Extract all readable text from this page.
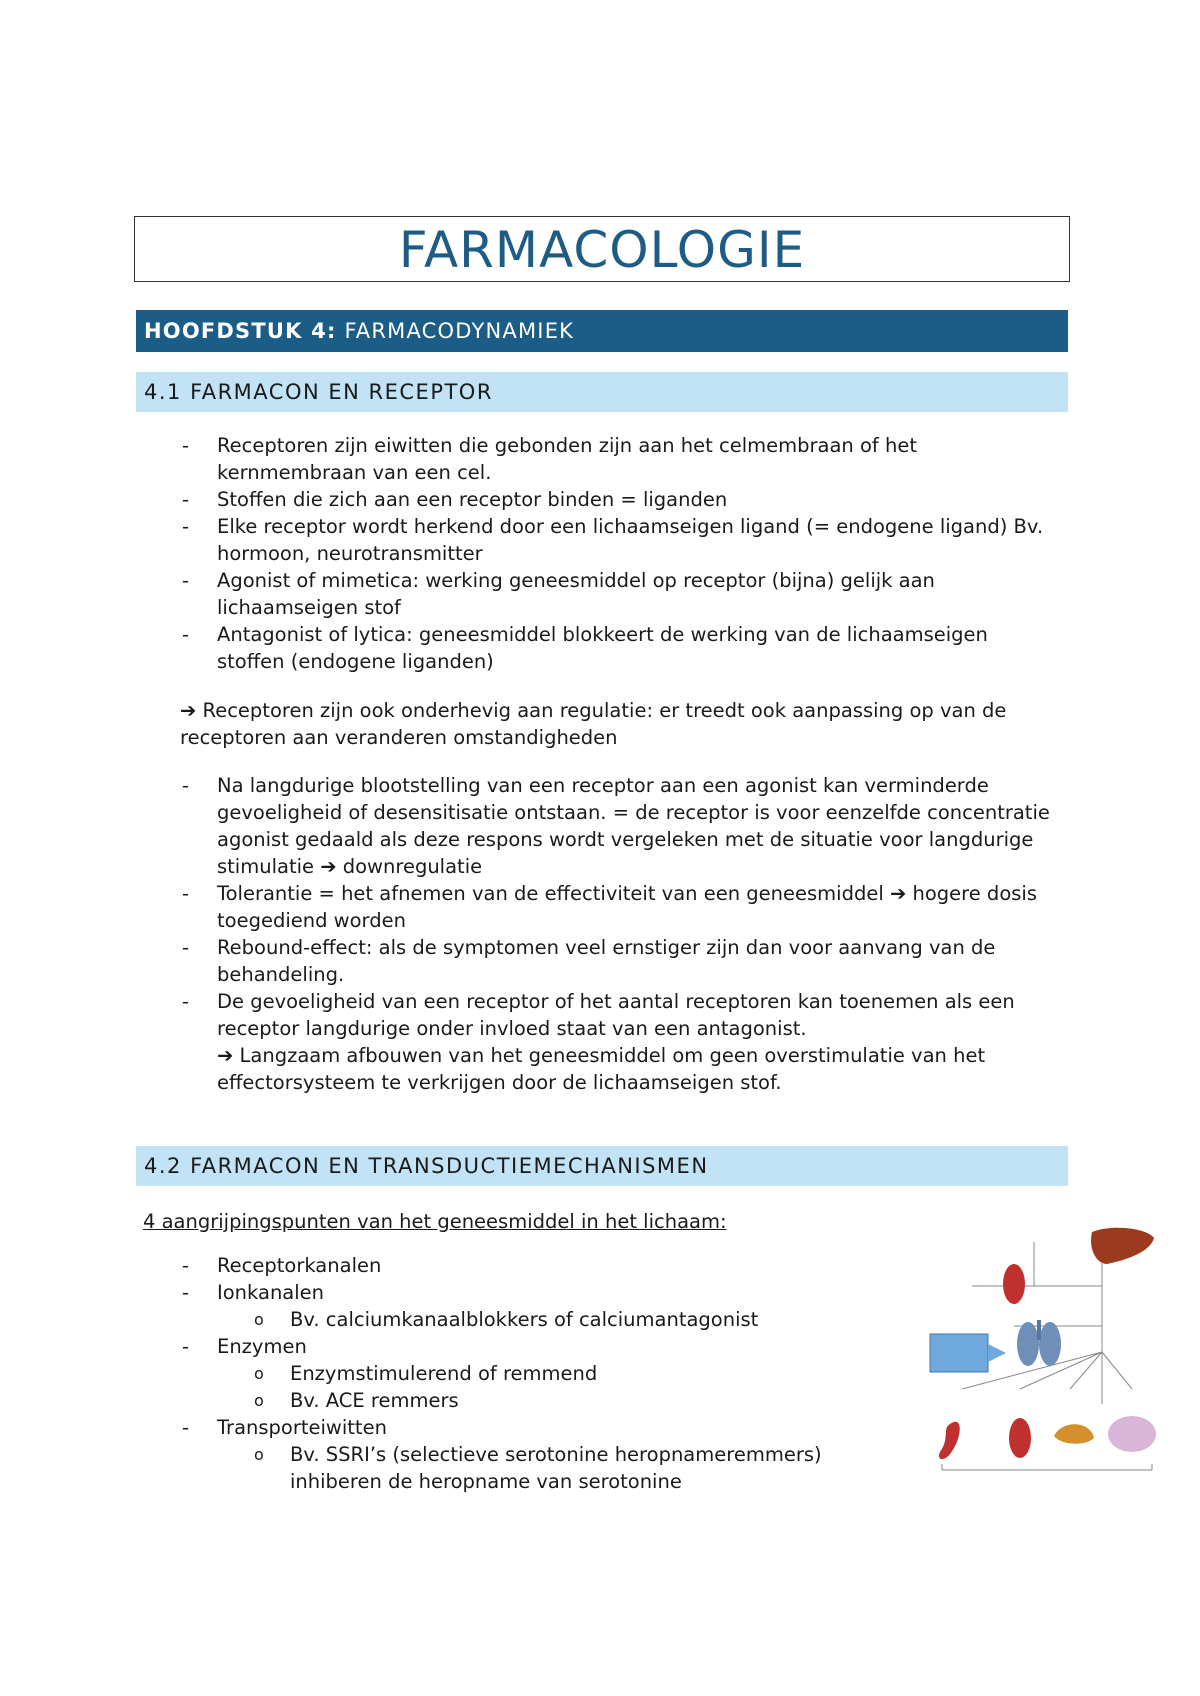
FARMACOLOGIE
HOOFDSTUK 4: FARMACODYNAMIEK
4.1 FARMACON EN RECEPTOR
- Receptoren zijn eiwitten die gebonden zijn aan het celmembraan of het kernmembraan van een cel.
- Stoffen die zich aan een receptor binden = liganden
- Elke receptor wordt herkend door een lichaamseigen ligand (= endogene ligand) Bv. hormoon, neurotransmitter
- Agonist of mimetica: werking geneesmiddel op receptor (bijna) gelijk aan lichaamseigen stof
- Antagonist of lytica: geneesmiddel blokkeert de werking van de lichaamseigen stoffen (endogene liganden)
➔ Receptoren zijn ook onderhevig aan regulatie: er treedt ook aanpassing op van de receptoren aan veranderen omstandigheden
- Na langdurige blootstelling van een receptor aan een agonist kan verminderde gevoeligheid of desensitisatie ontstaan. = de receptor is voor eenzelfde concentratie agonist gedaald als deze respons wordt vergeleken met de situatie voor langdurige stimulatie ➔ downregulatie
- Tolerantie = het afnemen van de effectiviteit van een geneesmiddel ➔ hogere dosis toegediend worden
- Rebound-effect: als de symptomen veel ernstiger zijn dan voor aanvang van de behandeling.
- De gevoeligheid van een receptor of het aantal receptoren kan toenemen als een receptor langdurige onder invloed staat van een antagonist.
➔ Langzaam afbouwen van het geneesmiddel om geen overstimulatie van het effectorsysteem te verkrijgen door de lichaamseigen stof.
4.2 FARMACON EN TRANSDUCTIEMECHANISMEN
4 aangrijpingspunten van het geneesmiddel in het lichaam:
- Receptorkanalen
- Ionkanalen
o Bv. calciumkanaalblokkers of calciumantagonist
- Enzymen
o Enzymstimulerend of remmend
o Bv. ACE remmers
- Transporteiwitten
o Bv. SSRI’s (selectieve serotonine heropnameremmers) inhiberen de heropname van serotonine
